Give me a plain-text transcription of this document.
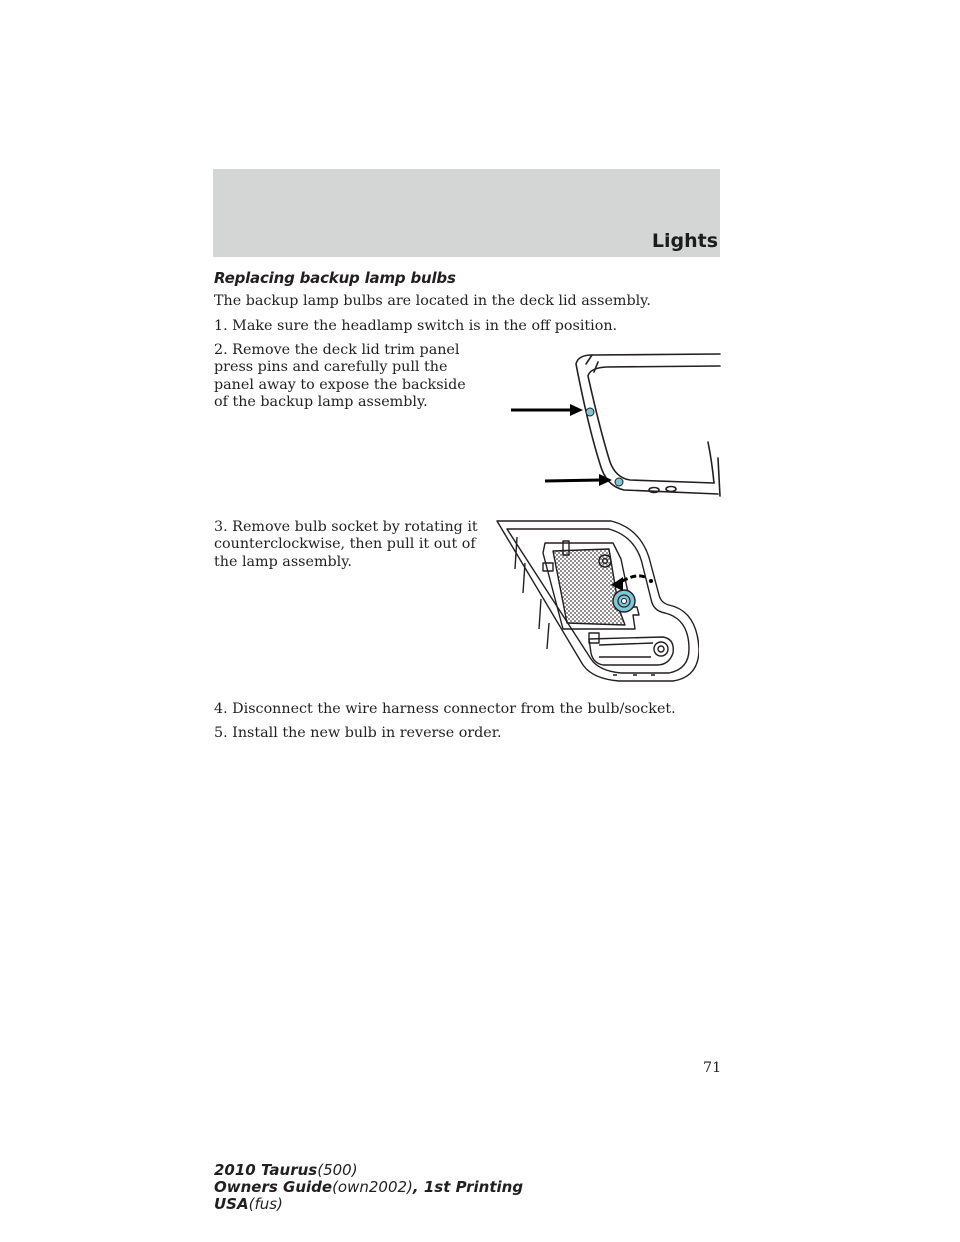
Lights
Replacing backup lamp bulbs

The backup lamp bulbs are located in the deck lid assembly.

1. Make sure the headlamp switch is in the off position.

2. Remove the deck lid trim panel
press pins and carefully pull the
panel away to expose the backside
of the backup lamp assembly.

3. Remove bulb socket by rotating it
counterclockwise, then pull it out of
the lamp assembly.

4. Disconnect the wire harness connector from the bulb/socket.

5. Install the new bulb in reverse order.

71
2010 Taurus(500)
Owners Guide(own2002), 1st Printing
USA(fus)
